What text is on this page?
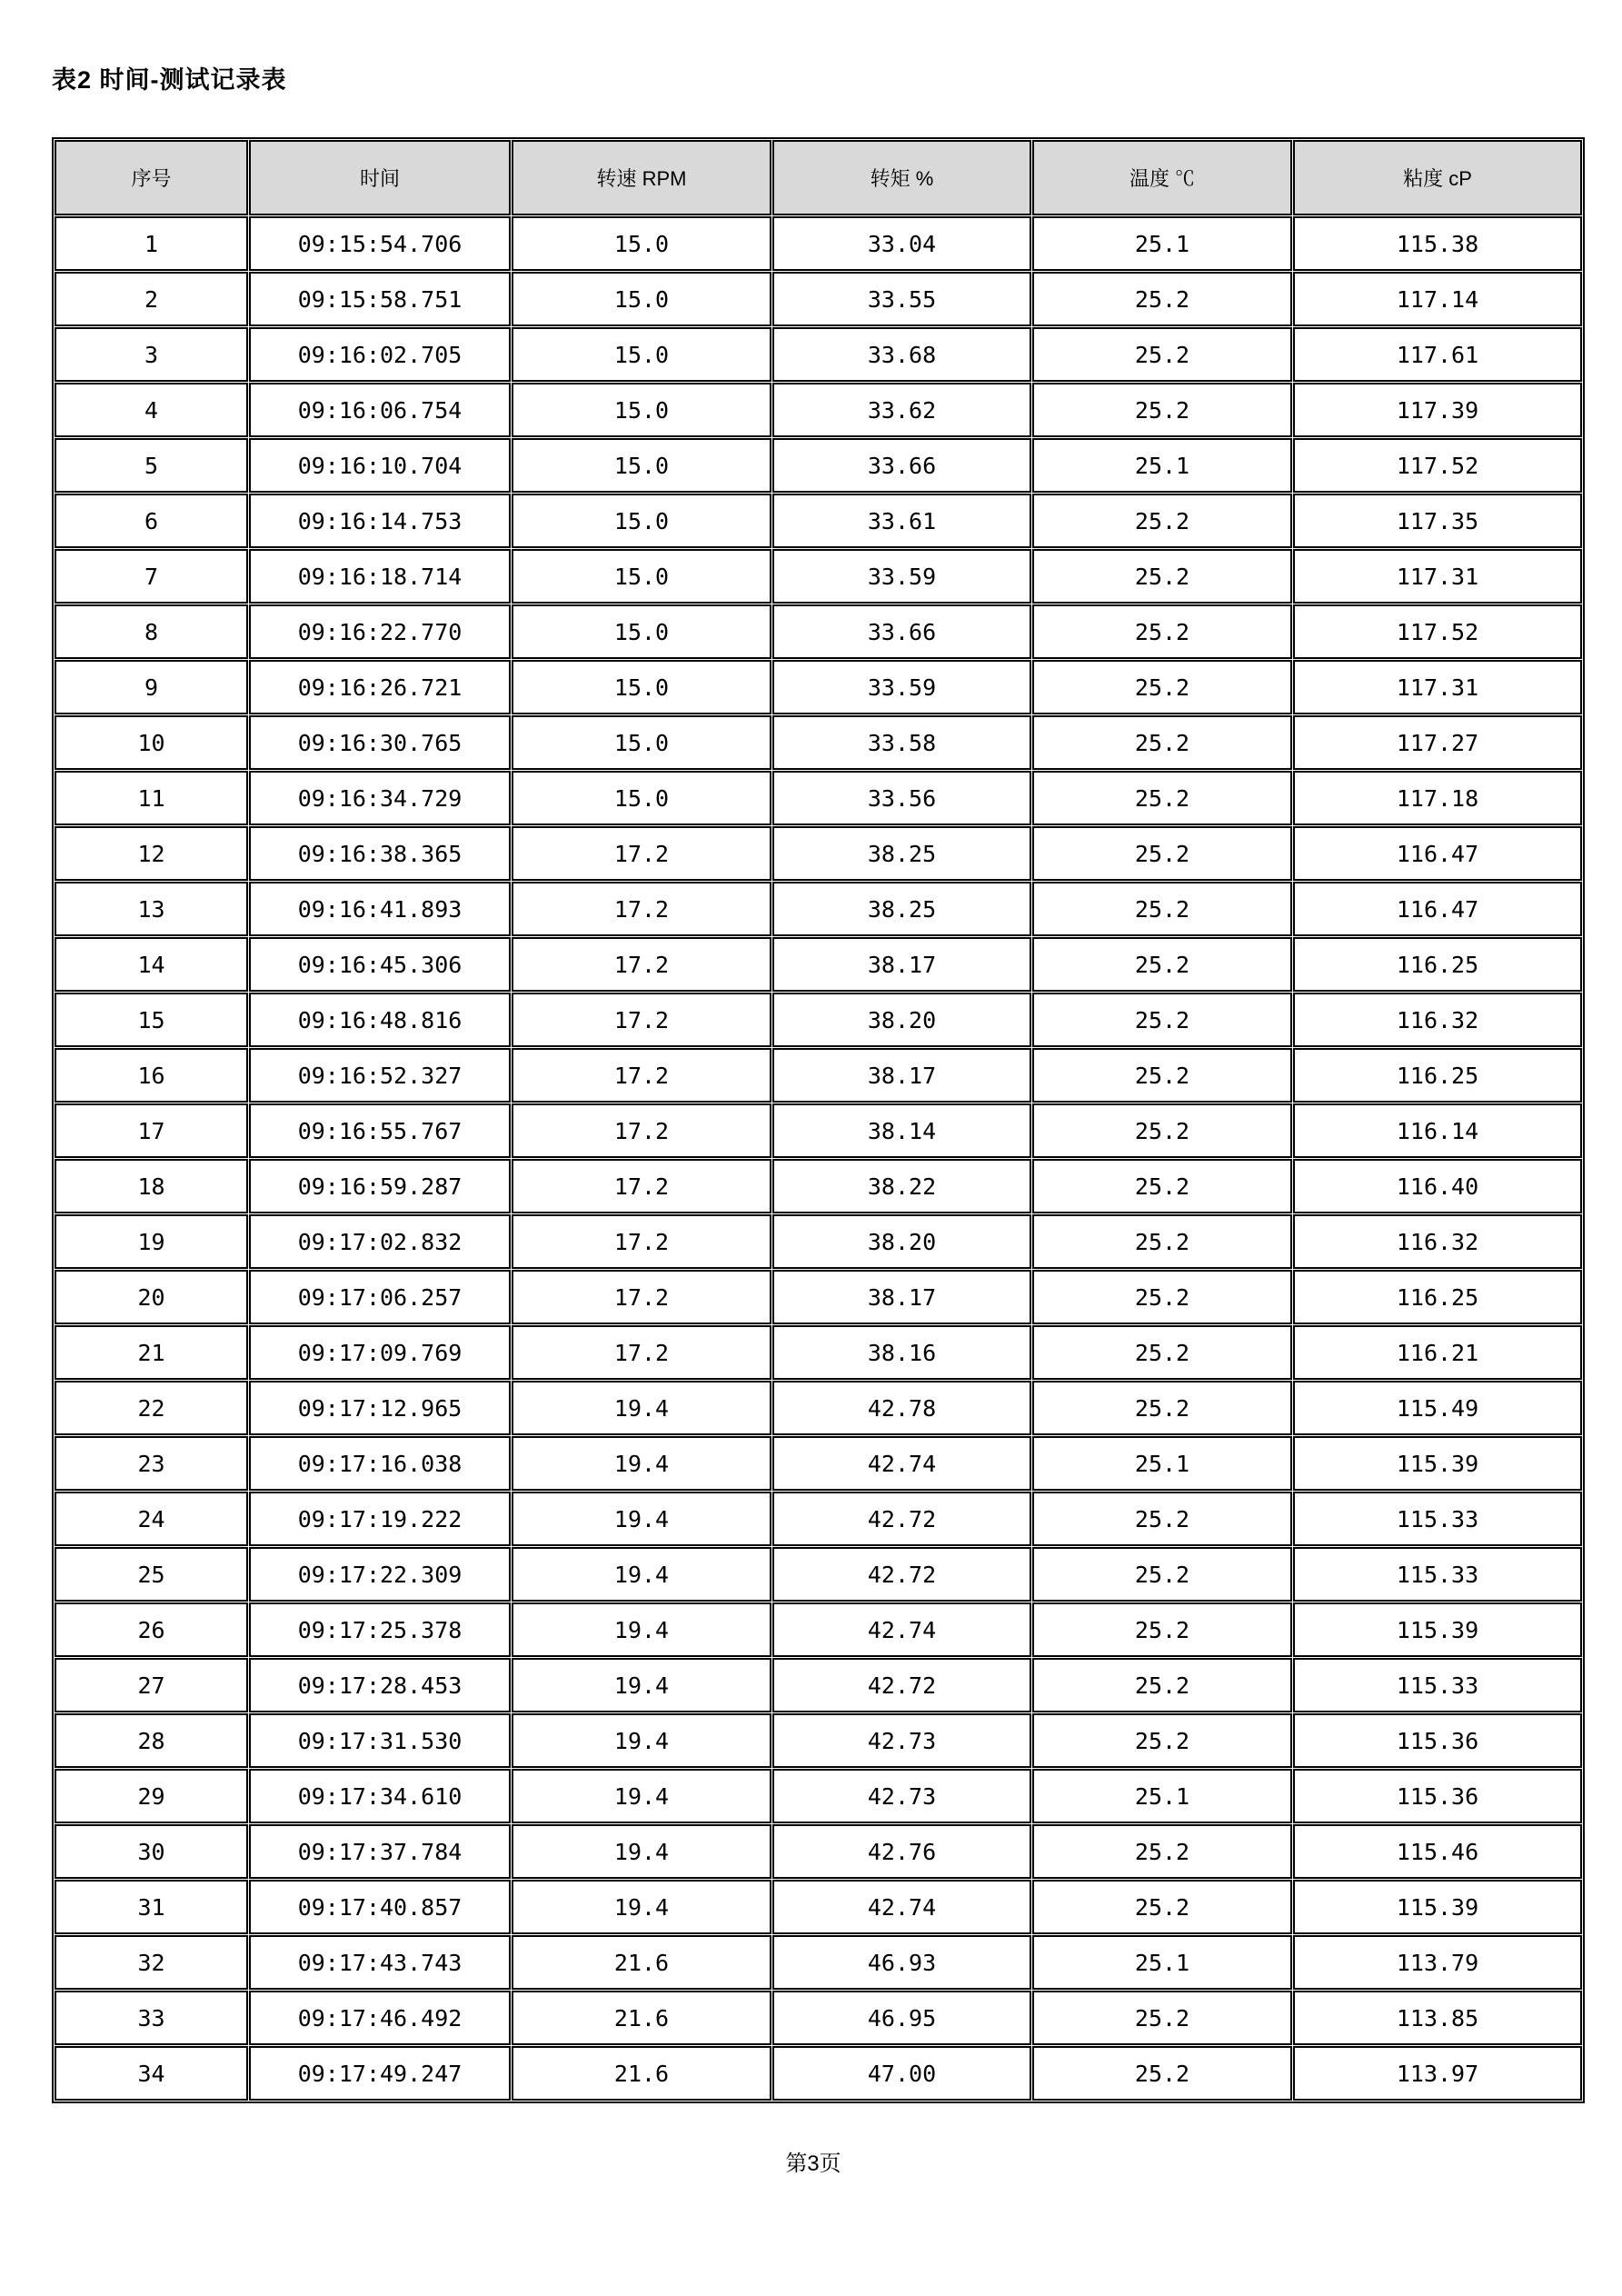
表2 时间-测试记录表
序号	时间	转速 RPM	转矩 %	温度 ℃	粘度 cP
1	09:15:54.706	15.0	33.04	25.1	115.38
2	09:15:58.751	15.0	33.55	25.2	117.14
3	09:16:02.705	15.0	33.68	25.2	117.61
4	09:16:06.754	15.0	33.62	25.2	117.39
5	09:16:10.704	15.0	33.66	25.1	117.52
6	09:16:14.753	15.0	33.61	25.2	117.35
7	09:16:18.714	15.0	33.59	25.2	117.31
8	09:16:22.770	15.0	33.66	25.2	117.52
9	09:16:26.721	15.0	33.59	25.2	117.31
10	09:16:30.765	15.0	33.58	25.2	117.27
11	09:16:34.729	15.0	33.56	25.2	117.18
12	09:16:38.365	17.2	38.25	25.2	116.47
13	09:16:41.893	17.2	38.25	25.2	116.47
14	09:16:45.306	17.2	38.17	25.2	116.25
15	09:16:48.816	17.2	38.20	25.2	116.32
16	09:16:52.327	17.2	38.17	25.2	116.25
17	09:16:55.767	17.2	38.14	25.2	116.14
18	09:16:59.287	17.2	38.22	25.2	116.40
19	09:17:02.832	17.2	38.20	25.2	116.32
20	09:17:06.257	17.2	38.17	25.2	116.25
21	09:17:09.769	17.2	38.16	25.2	116.21
22	09:17:12.965	19.4	42.78	25.2	115.49
23	09:17:16.038	19.4	42.74	25.1	115.39
24	09:17:19.222	19.4	42.72	25.2	115.33
25	09:17:22.309	19.4	42.72	25.2	115.33
26	09:17:25.378	19.4	42.74	25.2	115.39
27	09:17:28.453	19.4	42.72	25.2	115.33
28	09:17:31.530	19.4	42.73	25.2	115.36
29	09:17:34.610	19.4	42.73	25.1	115.36
30	09:17:37.784	19.4	42.76	25.2	115.46
31	09:17:40.857	19.4	42.74	25.2	115.39
32	09:17:43.743	21.6	46.93	25.1	113.79
33	09:17:46.492	21.6	46.95	25.2	113.85
34	09:17:49.247	21.6	47.00	25.2	113.97
第3页
